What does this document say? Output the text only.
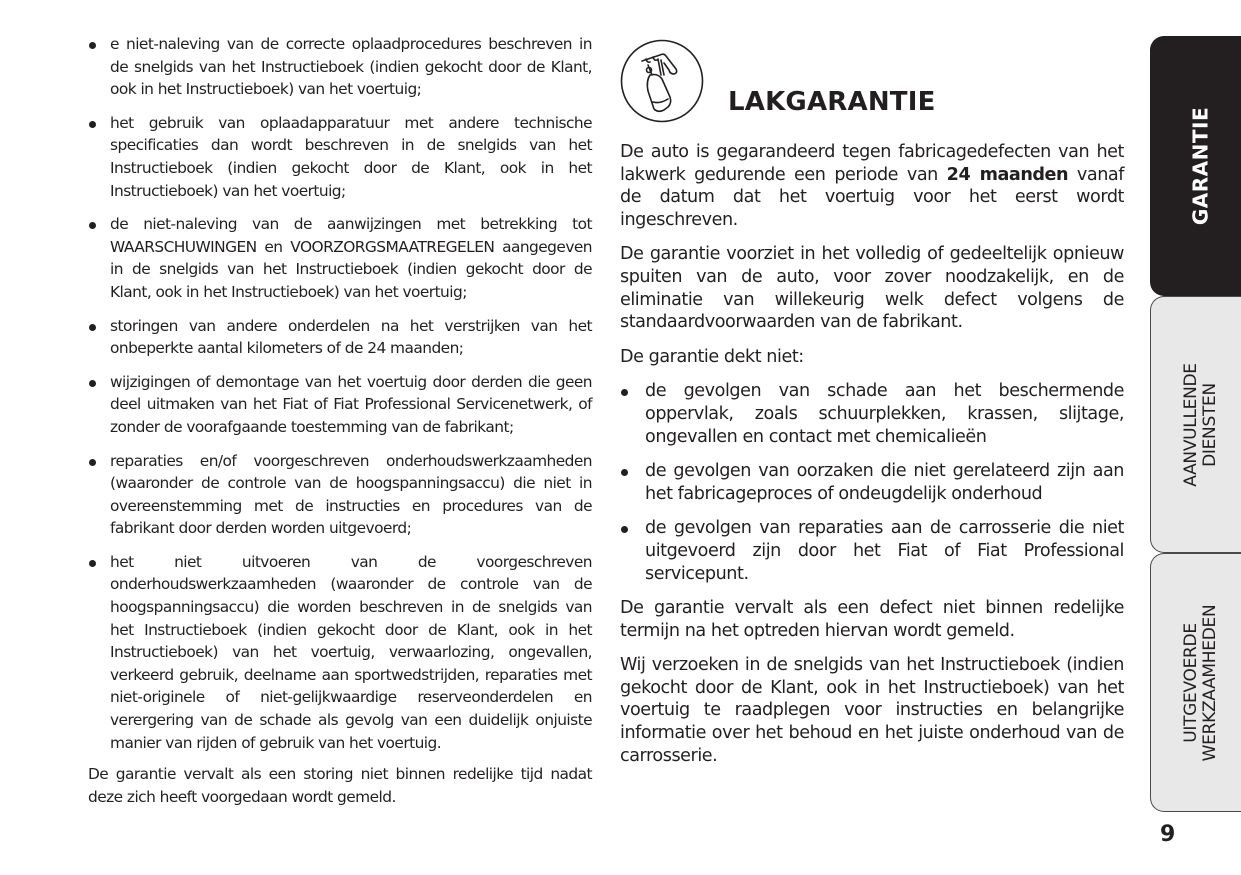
e niet-naleving van de correcte oplaadprocedures beschreven in de snelgids van het Instructieboek (indien gekocht door de Klant, ook in het Instructieboek) van het voertuig;
het gebruik van oplaadapparatuur met andere technische specificaties dan wordt beschreven in de snelgids van het Instructieboek (indien gekocht door de Klant, ook in het Instructieboek) van het voertuig;
de niet-naleving van de aanwijzingen met betrekking tot WAARSCHUWINGEN en VOORZORGSMAATREGELEN aangegeven in de snelgids van het Instructieboek (indien gekocht door de Klant, ook in het Instructieboek) van het voertuig;
storingen van andere onderdelen na het verstrijken van het onbeperkte aantal kilometers of de 24 maanden;
wijzigingen of demontage van het voertuig door derden die geen deel uitmaken van het Fiat of Fiat Professional Servicenetwerk, of zonder de voorafgaande toestemming van de fabrikant;
reparaties en/of voorgeschreven onderhoudswerkzaamheden (waaronder de controle van de hoogspanningsaccu) die niet in overeenstemming met de instructies en procedures van de fabrikant door derden worden uitgevoerd;
het niet uitvoeren van de voorgeschreven onderhoudswerkzaamheden (waaronder de controle van de hoogspanningsaccu) die worden beschreven in de snelgids van het Instructieboek (indien gekocht door de Klant, ook in het Instructieboek) van het voertuig, verwaarlozing, ongevallen, verkeerd gebruik, deelname aan sportwedstrijden, reparaties met niet-originele of niet-gelijkwaardige reserveonderdelen en verergering van de schade als gevolg van een duidelijk onjuiste manier van rijden of gebruik van het voertuig.

De garantie vervalt als een storing niet binnen redelijke tijd nadat deze zich heeft voorgedaan wordt gemeld.

LAKGARANTIE

De auto is gegarandeerd tegen fabricagedefecten van het lakwerk gedurende een periode van 24 maanden vanaf de datum dat het voertuig voor het eerst wordt ingeschreven.

De garantie voorziet in het volledig of gedeeltelijk opnieuw spuiten van de auto, voor zover noodzakelijk, en de eliminatie van willekeurig welk defect volgens de standaardvoorwaarden van de fabrikant.

De garantie dekt niet:

de gevolgen van schade aan het beschermende oppervlak, zoals schuurplekken, krassen, slijtage, ongevallen en contact met chemicalieën
de gevolgen van oorzaken die niet gerelateerd zijn aan het fabricageproces of ondeugdelijk onderhoud
de gevolgen van reparaties aan de carrosserie die niet uitgevoerd zijn door het Fiat of Fiat Professional servicepunt.

De garantie vervalt als een defect niet binnen redelijke termijn na het optreden hiervan wordt gemeld.

Wij verzoeken in de snelgids van het Instructieboek (indien gekocht door de Klant, ook in het Instructieboek) van het voertuig te raadplegen voor instructies en belangrijke informatie over het behoud en het juiste onderhoud van de carrosserie.

GARANTIE
AANVULLENDE DIENSTEN
UITGEVOERDE WERKZAAMHEDEN
9
